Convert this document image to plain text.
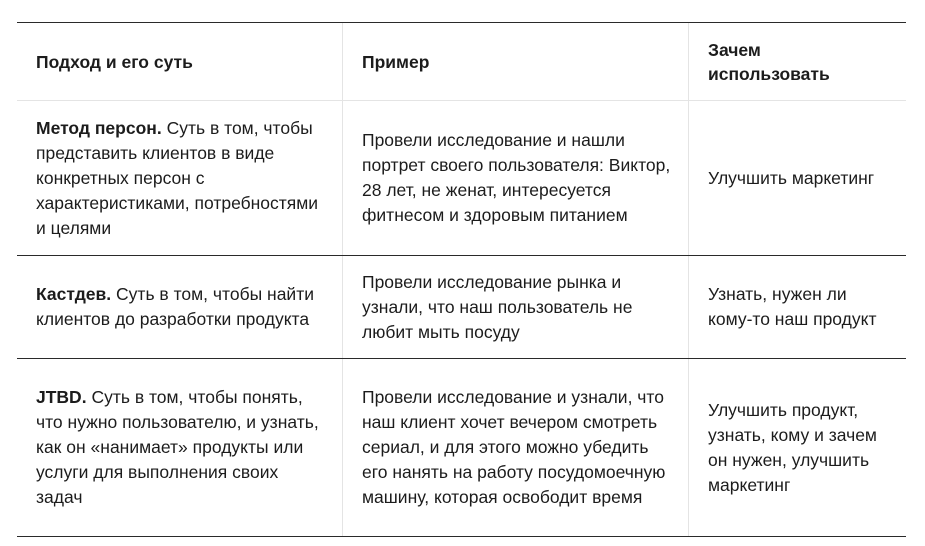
Подход и его суть	Пример
Зачем
использовать

Метод персон. Суть в том, чтобы представить клиентов в виде конкретных персон с характеристиками, потребностями и целями

Провели исследование и нашли портрет своего пользователя: Виктор, 28 лет, не женат, интересуется фитнесом и здоровым питанием

Улучшить маркетинг

Кастдев. Суть в том, чтобы найти клиентов до разработки продукта

Провели исследование рынка и узнали, что наш пользователь не любит мыть посуду

Узнать, нужен ли кому-то наш продукт

JTBD. Суть в том, чтобы понять, что нужно пользователю, и узнать, как он «нанимает» продукты или услуги для выполнения своих задач

Провели исследование и узнали, что наш клиент хочет вечером смотреть сериал, и для этого можно убедить его нанять на работу посудомоечную машину, которая освободит время

Улучшить продукт, узнать, кому и зачем он нужен, улучшить маркетинг
